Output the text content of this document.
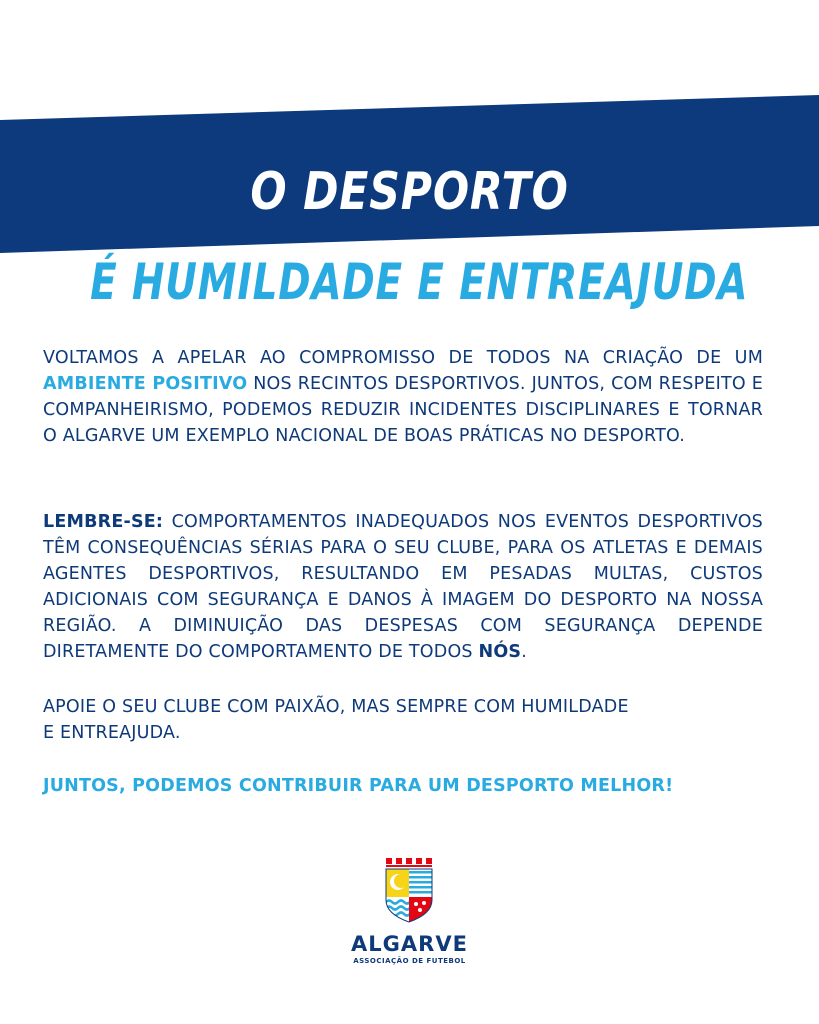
O DESPORTO
É HUMILDADE E ENTREAJUDA
VOLTAMOS A APELAR AO COMPROMISSO DE TODOS NA CRIAÇÃO DE UM AMBIENTE POSITIVO NOS RECINTOS DESPORTIVOS. JUNTOS, COM RESPEITO E COMPANHEIRISMO, PODEMOS REDUZIR INCIDENTES DISCIPLINARES E TORNAR O ALGARVE UM EXEMPLO NACIONAL DE BOAS PRÁTICAS NO DESPORTO.
LEMBRE-SE: COMPORTAMENTOS INADEQUADOS NOS EVENTOS DESPORTIVOS TÊM CONSEQUÊNCIAS SÉRIAS PARA O SEU CLUBE, PARA OS ATLETAS E DEMAIS AGENTES DESPORTIVOS, RESULTANDO EM PESADAS MULTAS, CUSTOS ADICIONAIS COM SEGURANÇA E DANOS À IMAGEM DO DESPORTO NA NOSSA REGIÃO. A DIMINUIÇÃO DAS DESPESAS COM SEGURANÇA DEPENDE DIRETAMENTE DO COMPORTAMENTO DE TODOS NÓS.
APOIE O SEU CLUBE COM PAIXÃO, MAS SEMPRE COM HUMILDADE
E ENTREAJUDA.
JUNTOS, PODEMOS CONTRIBUIR PARA UM DESPORTO MELHOR!
ALGARVE
ASSOCIAÇÃO DE FUTEBOL
